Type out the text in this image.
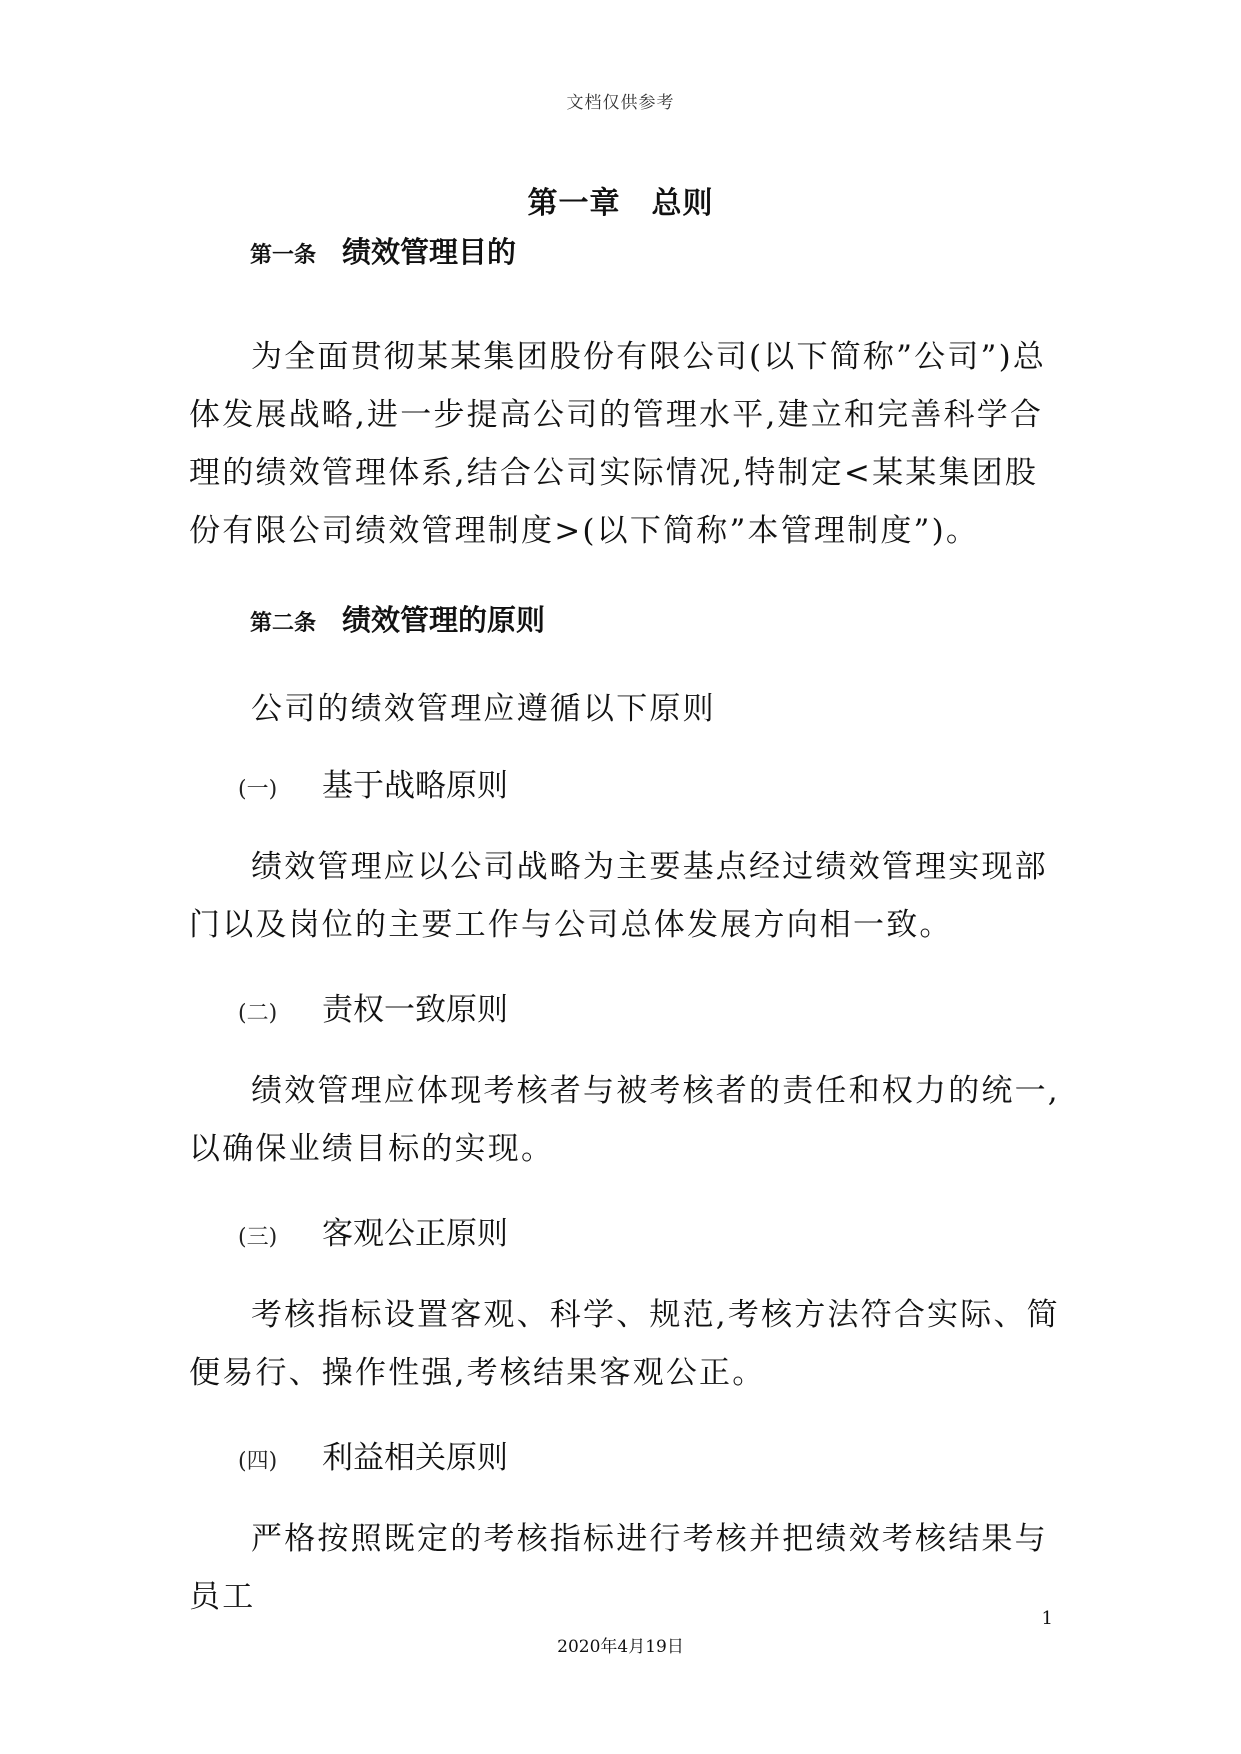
文档仅供参考
第一章　总则
第一条 绩效管理目的

为全面贯彻某某集团股份有限公司(以下简称”公司”)总体发展战略,进一步提高公司的管理水平,建立和完善科学合理的绩效管理体系,结合公司实际情况,特制定<某某集团股份有限公司绩效管理制度>(以下简称”本管理制度”)。

第二条 绩效管理的原则

公司的绩效管理应遵循以下原则

(一) 基于战略原则

绩效管理应以公司战略为主要基点经过绩效管理实现部门以及岗位的主要工作与公司总体发展方向相一致。

(二) 责权一致原则

绩效管理应体现考核者与被考核者的责任和权力的统一,以确保业绩目标的实现。

(三) 客观公正原则

考核指标设置客观、科学、规范,考核方法符合实际、简便易行、操作性强,考核结果客观公正。

(四) 利益相关原则

严格按照既定的考核指标进行考核并把绩效考核结果与员工

1
2020年4月19日
